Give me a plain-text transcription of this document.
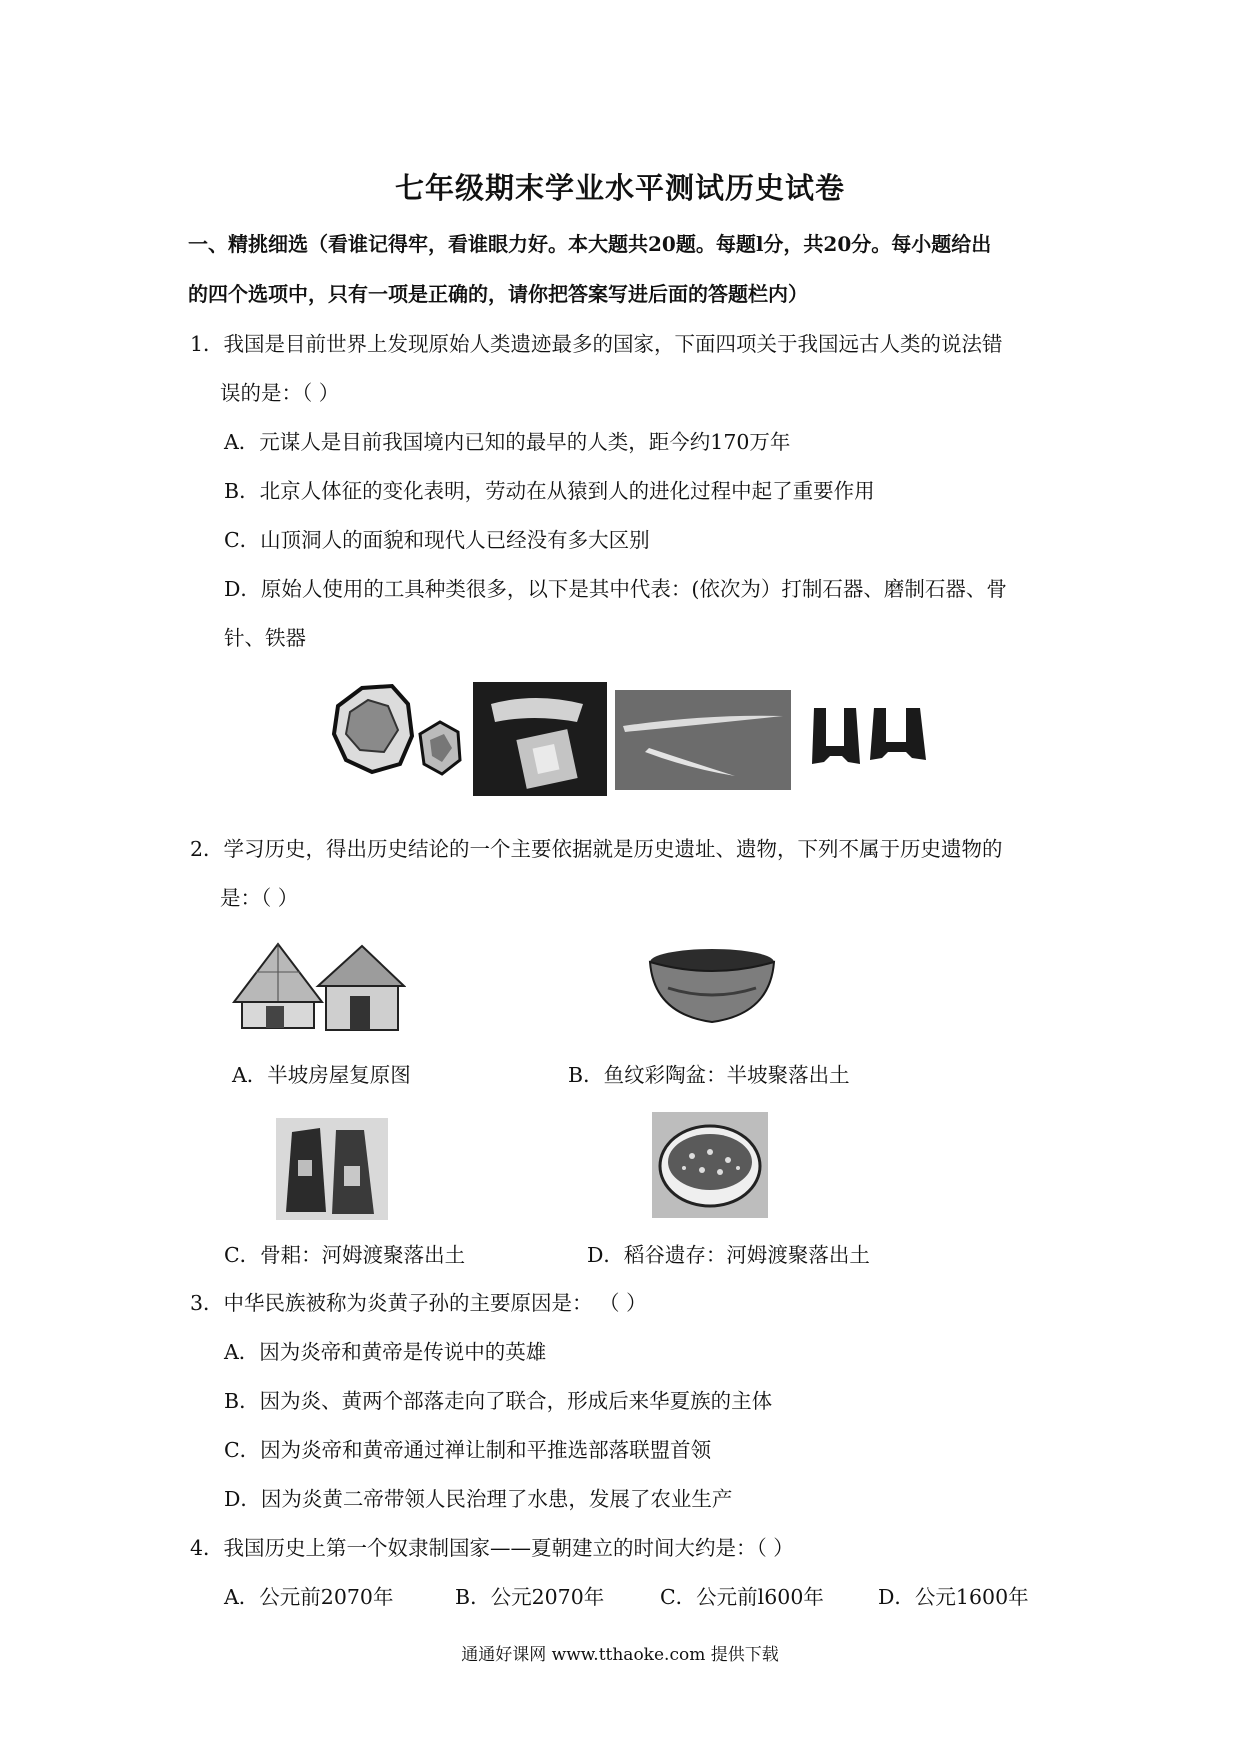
七年级期末学业水平测试历史试卷
一、精挑细选（看谁记得牢，看谁眼力好。本大题共20题。每题l分，共20分。每小题给出
的四个选项中，只有一项是正确的，请你把答案写进后面的答题栏内）
1．我国是目前世界上发现原始人类遗迹最多的国家，下面四项关于我国远古人类的说法错
误的是：（ ）
A．元谋人是目前我国境内已知的最早的人类，距今约170万年
B．北京人体征的变化表明，劳动在从猿到人的进化过程中起了重要作用
C．山顶洞人的面貌和现代人已经没有多大区别
D．原始人使用的工具种类很多，以下是其中代表：(依次为）打制石器、磨制石器、骨
针、铁器
2．学习历史，得出历史结论的一个主要依据就是历史遗址、遗物，下列不属于历史遗物的
是：（ ）
A．半坡房屋复原图	B．鱼纹彩陶盆：半坡聚落出土
C．骨耜：河姆渡聚落出土	D．稻谷遗存：河姆渡聚落出土
3．中华民族被称为炎黄子孙的主要原因是： （ ）
A．因为炎帝和黄帝是传说中的英雄
B．因为炎、黄两个部落走向了联合，形成后来华夏族的主体
C．因为炎帝和黄帝通过禅让制和平推选部落联盟首领
D．因为炎黄二帝带领人民治理了水患，发展了农业生产
4．我国历史上第一个奴隶制国家——夏朝建立的时间大约是：（ ）
A．公元前2070年	B．公元2070年	C．公元前l600年	D．公元1600年
通通好课网 www.tthaoke.com 提供下载
